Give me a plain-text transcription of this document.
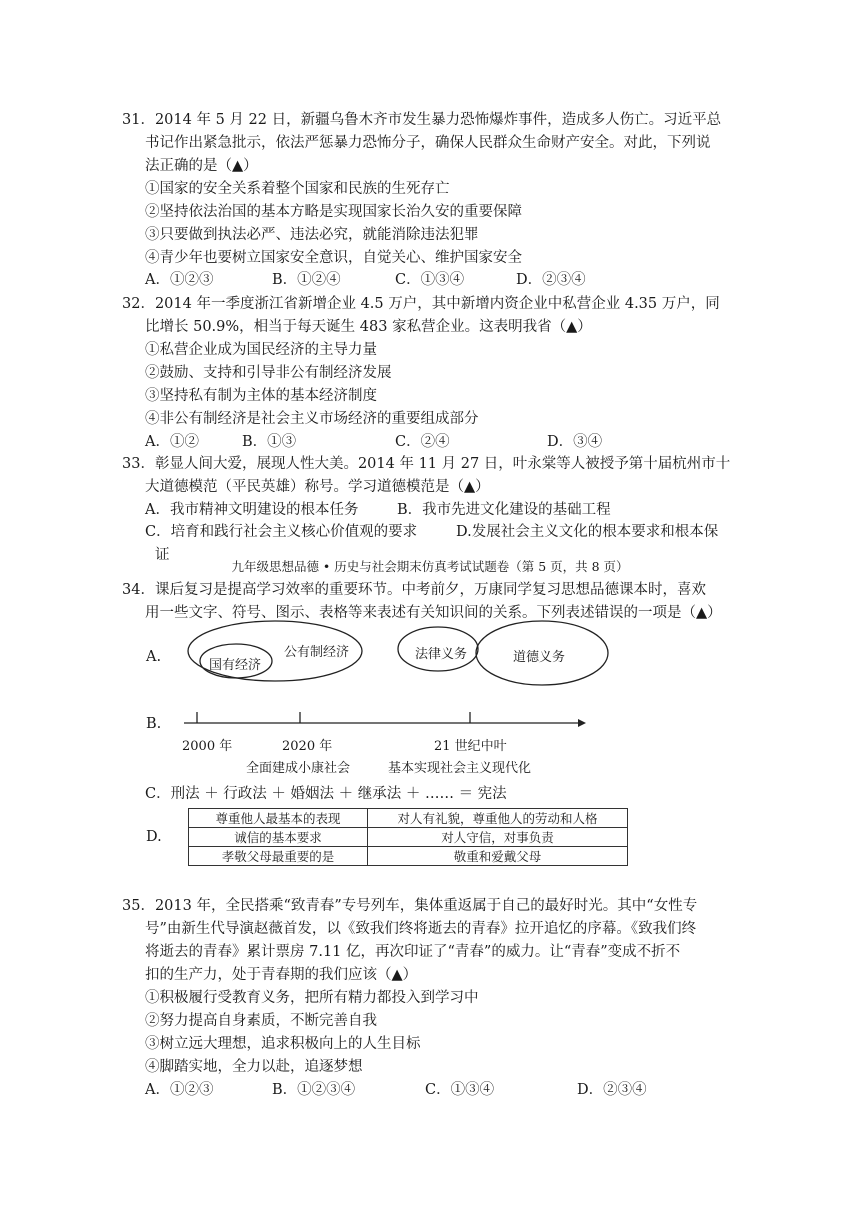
31．2014 年 5 月 22 日，新疆乌鲁木齐市发生暴力恐怖爆炸事件，造成多人伤亡。习近平总
书记作出紧急批示，依法严惩暴力恐怖分子，确保人民群众生命财产安全。对此，下列说
法正确的是（▲）
①国家的安全关系着整个国家和民族的生死存亡
②坚持依法治国的基本方略是实现国家长治久安的重要保障
③只要做到执法必严、违法必究，就能消除违法犯罪
④青少年也要树立国家安全意识，自觉关心、维护国家安全
A．①②③	B．①②④	C．①③④	D．②③④
32．2014 年一季度浙江省新增企业 4.5 万户，其中新增内资企业中私营企业 4.35 万户，同
比增长 50.9%，相当于每天诞生 483 家私营企业。这表明我省（▲）
①私营企业成为国民经济的主导力量
②鼓励、支持和引导非公有制经济发展
③坚持私有制为主体的基本经济制度
④非公有制经济是社会主义市场经济的重要组成部分
A．①②	B．①③	C．②④	D．③④
33．彰显人间大爱，展现人性大美。2014 年 11 月 27 日，叶永棠等人被授予第十届杭州市十
大道德模范（平民英雄）称号。学习道德模范是（▲）
A．我市精神文明建设的根本任务	B．我市先进文化建设的基础工程
C．培育和践行社会主义核心价值观的要求	D.发展社会主义文化的根本要求和根本保
证
九年级思想品德 • 历史与社会期末仿真考试试题卷（第 5 页，共 8 页）
34．课后复习是提高学习效率的重要环节。中考前夕，万康同学复习思想品德课本时，喜欢
用一些文字、符号、图示、表格等来表述有关知识间的关系。下列表述错误的一项是（▲）
A.	公有制经济
国有经济
法律义务	道德义务
B.
2000 年	2020 年	21 世纪中叶
全面建成小康社会	基本实现社会主义现代化
C．刑法 ＋ 行政法 ＋ 婚姻法 ＋ 继承法 ＋ …… ＝ 宪法
D.
尊重他人最基本的表现	对人有礼貌，尊重他人的劳动和人格
诚信的基本要求	对人守信，对事负责
孝敬父母最重要的是	敬重和爱戴父母
35．2013 年，全民搭乘“致青春”专号列车，集体重返属于自己的最好时光。其中“女性专
号”由新生代导演赵薇首发，以《致我们终将逝去的青春》拉开追忆的序幕。《致我们终
将逝去的青春》累计票房 7.11 亿，再次印证了“青春”的威力。让“青春”变成不折不
扣的生产力，处于青春期的我们应该（▲）
①积极履行受教育义务，把所有精力都投入到学习中
②努力提高自身素质，不断完善自我
③树立远大理想，追求积极向上的人生目标
④脚踏实地，全力以赴，追逐梦想
A．①②③	B．①②③④	C．①③④	D．②③④
